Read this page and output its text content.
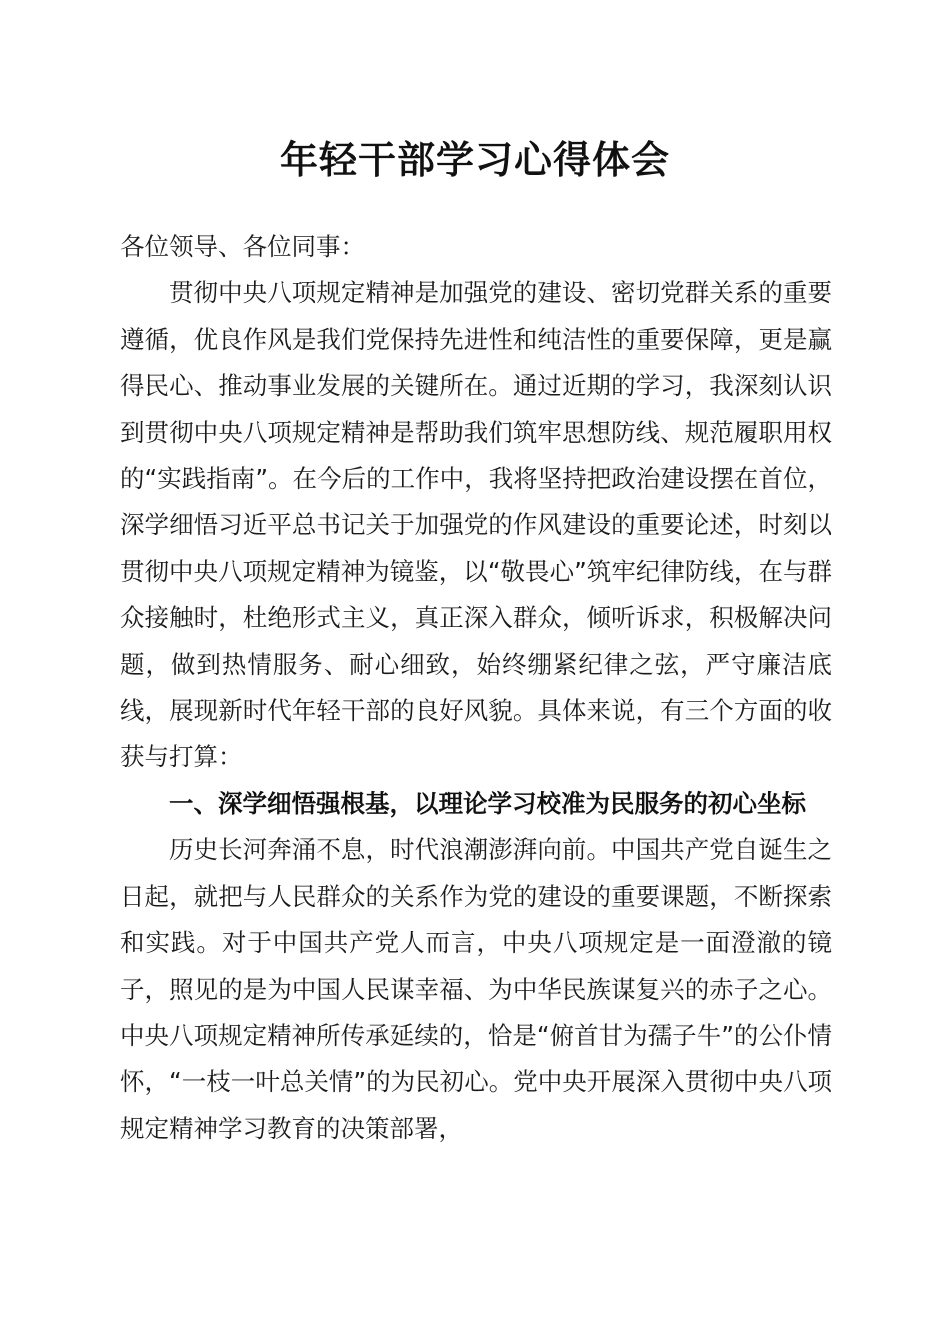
年轻干部学习心得体会

各位领导、各位同事：

贯彻中央八项规定精神是加强党的建设、密切党群关系的重要遵循，优良作风是我们党保持先进性和纯洁性的重要保障，更是赢得民心、推动事业发展的关键所在。通过近期的学习，我深刻认识到贯彻中央八项规定精神是帮助我们筑牢思想防线、规范履职用权的“实践指南”。在今后的工作中，我将坚持把政治建设摆在首位，深学细悟习近平总书记关于加强党的作风建设的重要论述，时刻以贯彻中央八项规定精神为镜鉴，以“敬畏心”筑牢纪律防线，在与群众接触时，杜绝形式主义，真正深入群众，倾听诉求，积极解决问题，做到热情服务、耐心细致，始终绷紧纪律之弦，严守廉洁底线，展现新时代年轻干部的良好风貌。具体来说，有三个方面的收获与打算：

一、深学细悟强根基，以理论学习校准为民服务的初心坐标

历史长河奔涌不息，时代浪潮澎湃向前。中国共产党自诞生之日起，就把与人民群众的关系作为党的建设的重要课题，不断探索和实践。对于中国共产党人而言，中央八项规定是一面澄澈的镜子，照见的是为中国人民谋幸福、为中华民族谋复兴的赤子之心。中央八项规定精神所传承延续的，恰是“俯首甘为孺子牛”的公仆情怀，“一枝一叶总关情”的为民初心。党中央开展深入贯彻中央八项规定精神学习教育的决策部署，
